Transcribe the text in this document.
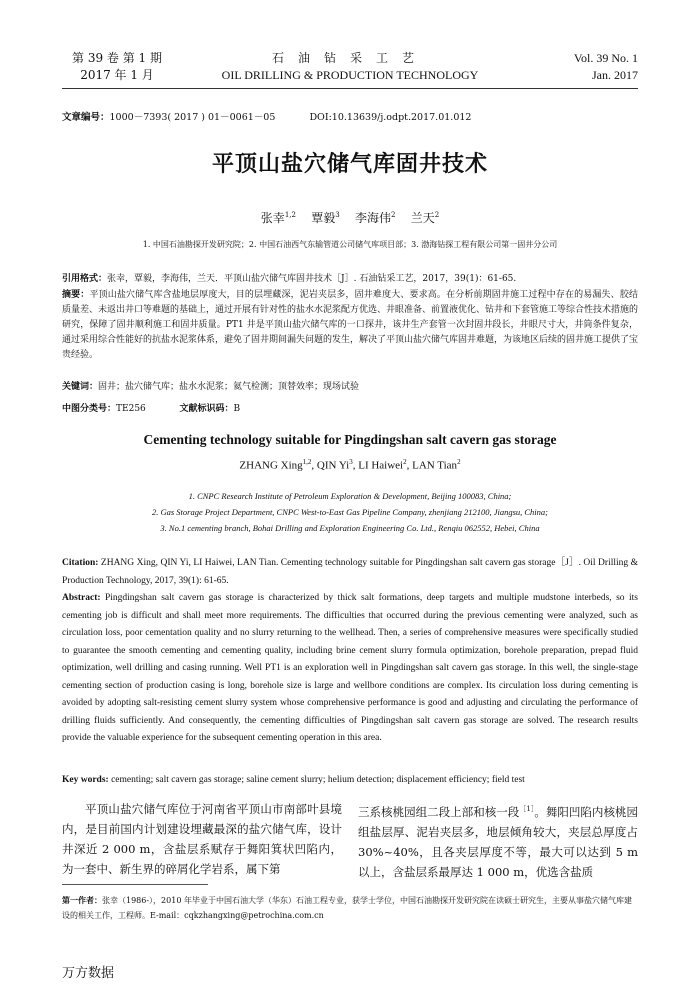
第 39 卷 第 1 期
2017 年 1 月
石油钻采工艺
OIL DRILLING & PRODUCTION TECHNOLOGY
Vol. 39 No. 1
Jan. 2017
文章编号：1000－7393( 2017 ) 01－0061－05	DOI:10.13639/j.odpt.2017.01.012
平顶山盐穴储气库固井技术
张幸$^{1,2}$ 覃毅$^3$ 李海伟$^2$ 兰天$^2$
1. 中国石油勘探开发研究院；2. 中国石油西气东输管道公司储气库项目部；3. 渤海钻探工程有限公司第一固井分公司
引用格式：张幸，覃毅，李海伟，兰天．平顶山盐穴储气库固井技术［J］. 石油钻采工艺，2017，39(1)：61-65.
摘要：平顶山盐穴储气库含盐地层厚度大，目的层埋藏深，泥岩夹层多，固井难度大、要求高。在分析前期固井施工过程中存在的易漏失、胶结质量差、未返出井口等难题的基础上，通过开展有针对性的盐水水泥浆配方优选、井眼准备、前置液优化、钻井和下套管施工等综合性技术措施的研究，保障了固井顺利施工和固井质量。PT1 井是平顶山盐穴储气库的一口探井，该井生产套管一次封固井段长，井眼尺寸大，井筒条件复杂，通过采用综合性能好的抗盐水泥浆体系，避免了固井期间漏失问题的发生，解决了平顶山盐穴储气库固井难题，为该地区后续的固井施工提供了宝贵经验。
关键词：固井；盐穴储气库；盐水水泥浆；氦气检测；顶替效率；现场试验
中图分类号：TE256	文献标识码：B
Cementing technology suitable for Pingdingshan salt cavern gas storage
ZHANG Xing$^{1,2}$, QIN Yi$^3$, LI Haiwei$^2$, LAN Tian$^2$
1. CNPC Research Institute of Petroleum Exploration & Development, Beijing 100083, China;
2. Gas Storage Project Department, CNPC West-to-East Gas Pipeline Company, zhenjiang 212100, Jiangsu, China;
3. No.1 cementing branch, Bohai Drilling and Exploration Engineering Co. Ltd., Renqiu 062552, Hebei, China
Citation: ZHANG Xing, QIN Yi, LI Haiwei, LAN Tian. Cementing technology suitable for Pingdingshan salt cavern gas storage［J］. Oil Drilling & Production Technology, 2017, 39(1): 61-65.
Abstract: Pingdingshan salt cavern gas storage is characterized by thick salt formations, deep targets and multiple mudstone interbeds, so its cementing job is difficult and shall meet more requirements. The difficulties that occurred during the previous cementing were analyzed, such as circulation loss, poor cementation quality and no slurry returning to the wellhead. Then, a series of comprehensive measures were specifically studied to guarantee the smooth cementing and cementing quality, including brine cement slurry formula optimization, borehole preparation, prepad fluid optimization, well drilling and casing running. Well PT1 is an exploration well in Pingdingshan salt cavern gas storage. In this well, the single-stage cementing section of production casing is long, borehole size is large and wellbore conditions are complex. Its circulation loss during cementing is avoided by adopting salt-resisting cement slurry system whose comprehensive performance is good and adjusting and circulating the performance of drilling fluids sufficiently. And consequently, the cementing difficulties of Pingdingshan salt cavern gas storage are solved. The research results provide the valuable experience for the subsequent cementing operation in this area.
Key words: cementing; salt cavern gas storage; saline cement slurry; helium detection; displacement efficiency; field test
平顶山盐穴储气库位于河南省平顶山市南部叶县境内，是目前国内计划建设埋藏最深的盐穴储气库，设计井深近 2 000 m，含盐层系赋存于舞阳箕状凹陷内，为一套中、新生界的碎屑化学岩系，属下第
三系核桃园组二段上部和核一段$^{[1]}$。舞阳凹陷内核桃园组盐层厚、泥岩夹层多，地层倾角较大，夹层总厚度占 30%~40%，且各夹层厚度不等，最大可以达到 5 m 以上，含盐层系最厚达 1 000 m，优选含盐质
第一作者：张幸（1986-），2010 年毕业于中国石油大学（华东）石油工程专业，获学士学位，中国石油勘探开发研究院在读硕士研究生，主要从事盐穴储气库建设的相关工作，工程师。E-mail：cqkzhangxing@petrochina.com.cn
万方数据
